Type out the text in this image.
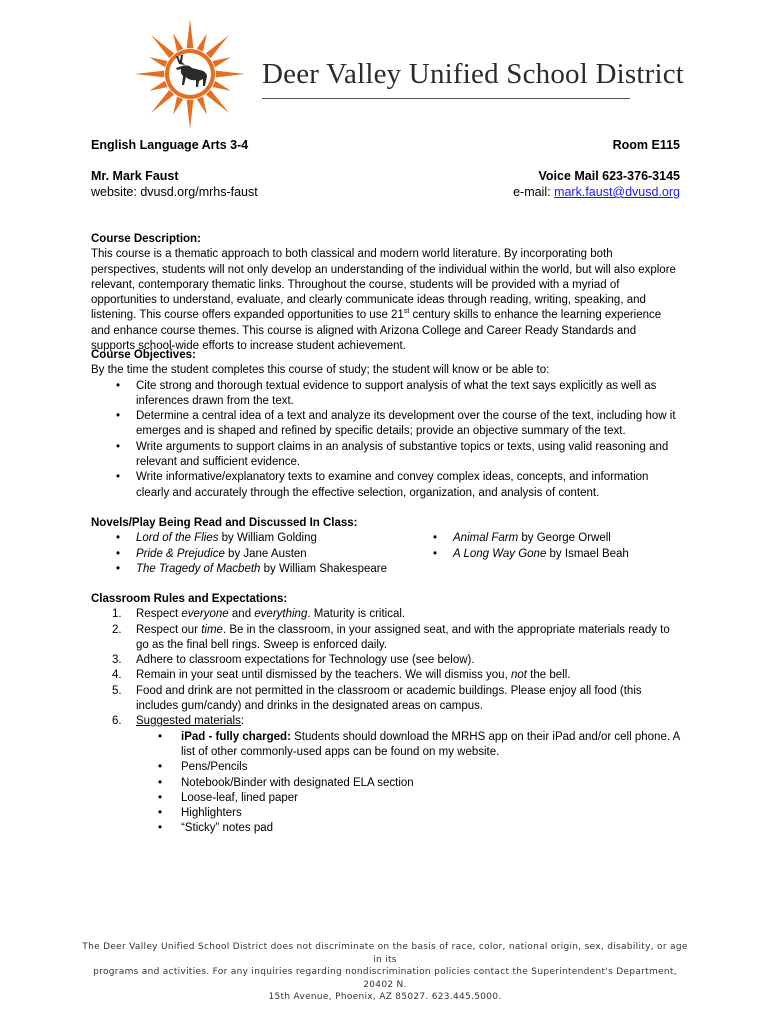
Deer Valley Unified School District
English Language Arts 3-4	Room E115
Mr. Mark Faust
website: dvusd.org/mrhs-faust
Voice Mail 623-376-3145
e-mail: mark.faust@dvusd.org
Course Description:

This course is a thematic approach to both classical and modern world literature. By incorporating both perspectives, students will not only develop an understanding of the individual within the world, but will also explore relevant, contemporary thematic links. Throughout the course, students will be provided with a myriad of opportunities to understand, evaluate, and clearly communicate ideas through reading, writing, speaking, and listening. This course offers expanded opportunities to use 21st century skills to enhance the learning experience and enhance course themes. This course is aligned with Arizona College and Career Ready Standards and supports school-wide efforts to increase student achievement.

Course Objectives:

By the time the student completes this course of study; the student will know or be able to:

• Cite strong and thorough textual evidence to support analysis of what the text says explicitly as well as inferences drawn from the text.
• Determine a central idea of a text and analyze its development over the course of the text, including how it emerges and is shaped and refined by specific details; provide an objective summary of the text.
• Write arguments to support claims in an analysis of substantive topics or texts, using valid reasoning and relevant and sufficient evidence.
• Write informative/explanatory texts to examine and convey complex ideas, concepts, and information clearly and accurately through the effective selection, organization, and analysis of content.
Novels/Play Being Read and Discussed In Class:
• Lord of the Flies by William Golding
• Pride & Prejudice by Jane Austen
• The Tragedy of Macbeth by William Shakespeare
• Animal Farm by George Orwell
• A Long Way Gone by Ismael Beah
Classroom Rules and Expectations:
1. Respect everyone and everything. Maturity is critical.
2. Respect our time. Be in the classroom, in your assigned seat, and with the appropriate materials ready to go as the final bell rings. Sweep is enforced daily.
3. Adhere to classroom expectations for Technology use (see below).
4. Remain in your seat until dismissed by the teachers. We will dismiss you, not the bell.
5. Food and drink are not permitted in the classroom or academic buildings. Please enjoy all food (this includes gum/candy) and drinks in the designated areas on campus.
6. Suggested materials:
• iPad - fully charged: Students should download the MRHS app on their iPad and/or cell phone. A list of other commonly-used apps can be found on my website.
• Pens/Pencils
• Notebook/Binder with designated ELA section
• Loose-leaf, lined paper
• Highlighters
• “Sticky” notes pad
The Deer Valley Unified School District does not discriminate on the basis of race, color, national origin, sex, disability, or age in its
programs and activities. For any inquiries regarding nondiscrimination policies contact the Superintendent's Department, 20402 N.
15th Avenue, Phoenix, AZ 85027. 623.445.5000.
